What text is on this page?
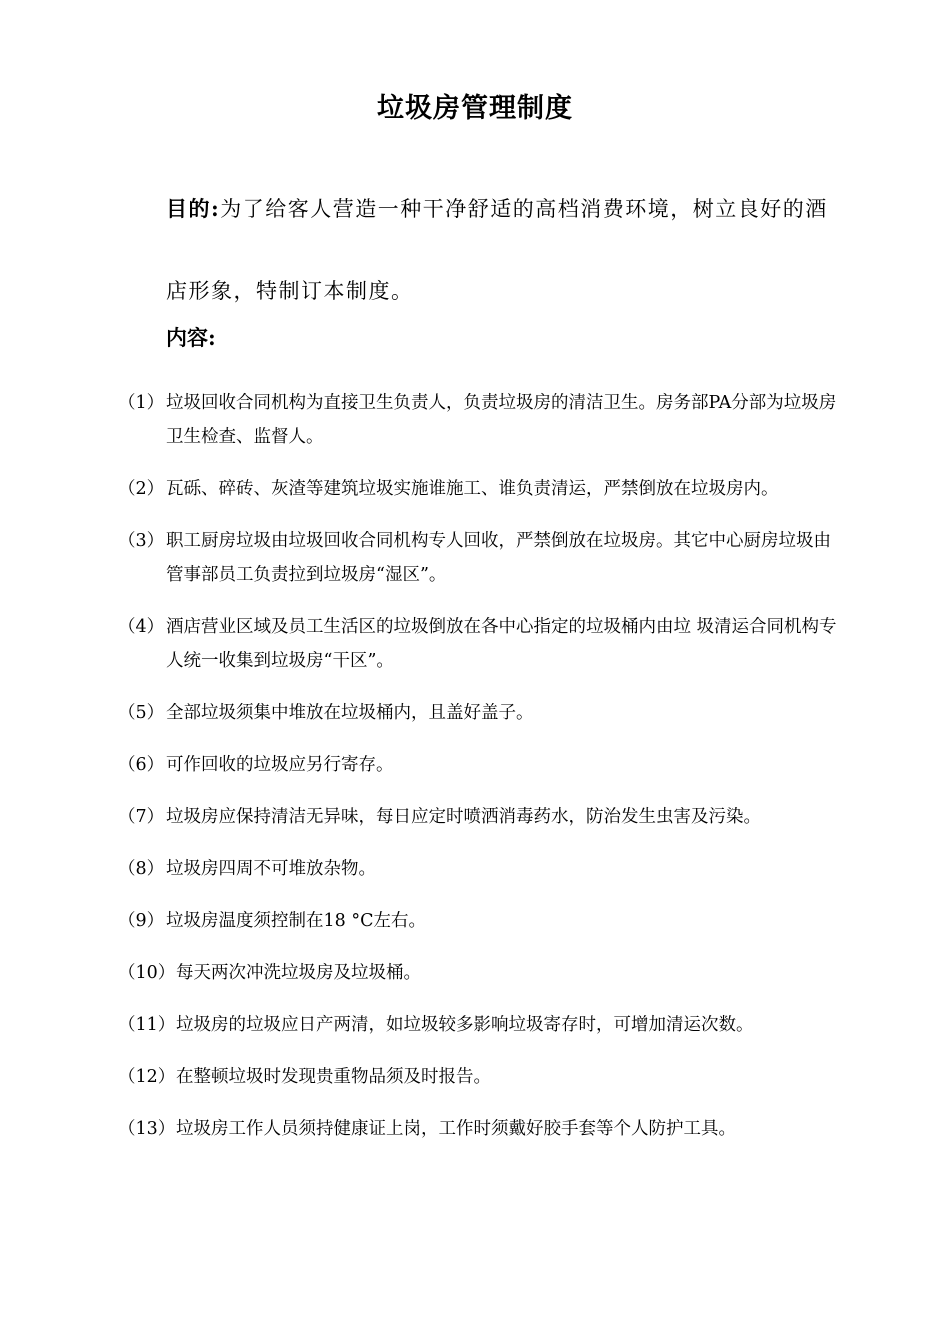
垃圾房管理制度
目的:为了给客人营造一种干净舒适的高档消费环境，树立良好的酒店形象，特制订本制度。
内容:
（1） 垃圾回收合同机构为直接卫生负责人，负责垃圾房的清洁卫生。房务部PA分部为垃圾房卫生检查、监督人。
（2） 瓦砾、碎砖、灰渣等建筑垃圾实施谁施工、谁负责清运，严禁倒放在垃圾房内。
（3） 职工厨房垃圾由垃圾回收合同机构专人回收，严禁倒放在垃圾房。其它中心厨房垃圾由管事部员工负责拉到垃圾房“湿区”。
（4） 酒店营业区域及员工生活区的垃圾倒放在各中心指定的垃圾桶内由垃 圾清运合同机构专人统一收集到垃圾房“干区”。
（5） 全部垃圾须集中堆放在垃圾桶内，且盖好盖子。
（6） 可作回收的垃圾应另行寄存。
（7） 垃圾房应保持清洁无异味，每日应定时喷洒消毒药水，防治发生虫害及污染。
（8） 垃圾房四周不可堆放杂物。
（9） 垃圾房温度须控制在18 °C左右。
（10） 每天两次冲洗垃圾房及垃圾桶。
（11） 垃圾房的垃圾应日产两清，如垃圾较多影响垃圾寄存时，可增加清运次数。
（12） 在整顿垃圾时发现贵重物品须及时报告。
（13） 垃圾房工作人员须持健康证上岗，工作时须戴好胶手套等个人防护工具。
